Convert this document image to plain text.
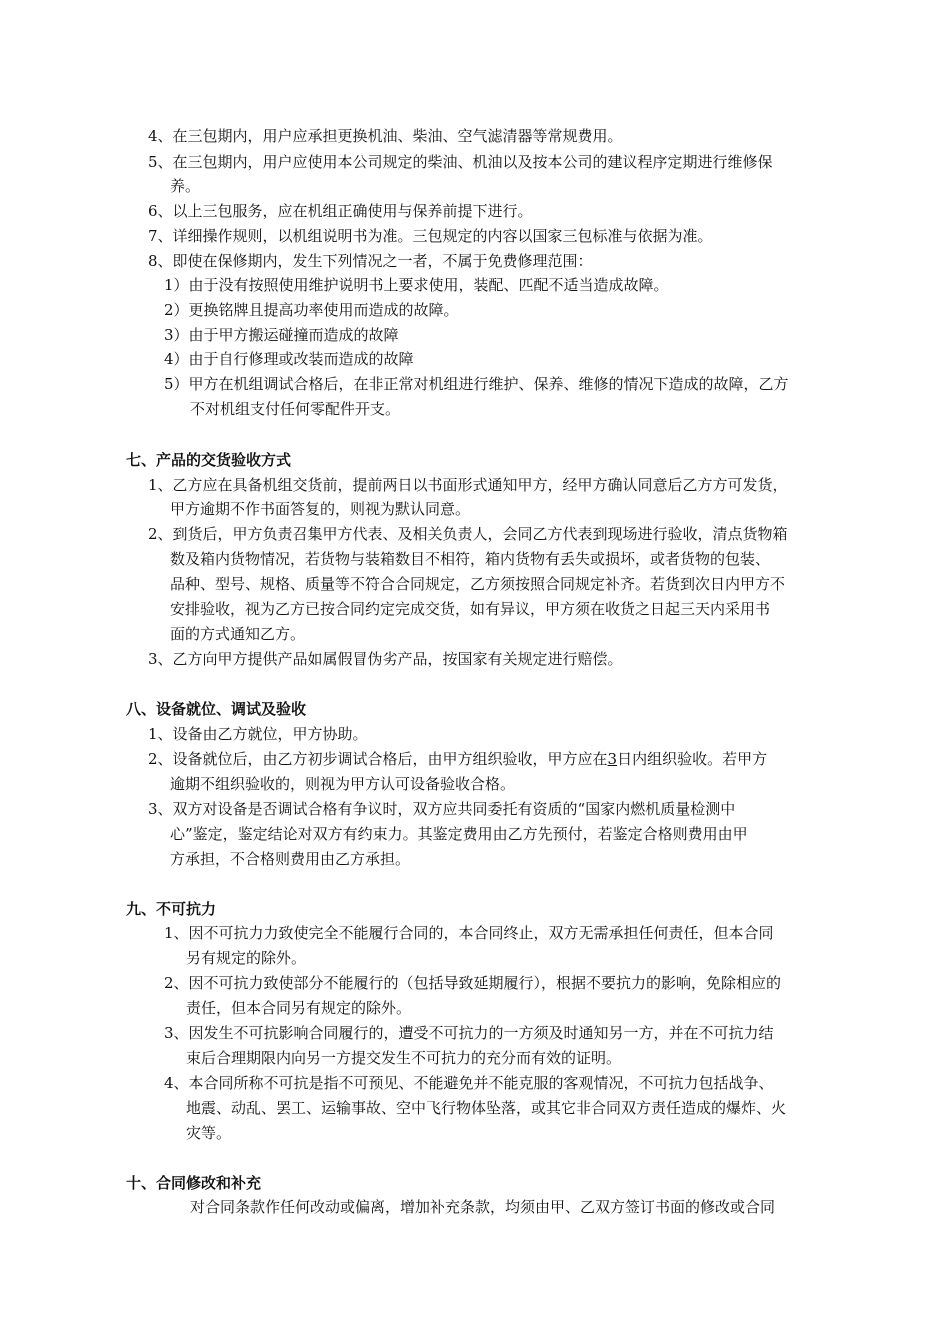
4、在三包期内，用户应承担更换机油、柴油、空气滤清器等常规费用。
5、在三包期内，用户应使用本公司规定的柴油、机油以及按本公司的建议程序定期进行维修保
养。
6、以上三包服务，应在机组正确使用与保养前提下进行。
7、详细操作规则，以机组说明书为准。三包规定的内容以国家三包标准与依据为准。
8、即使在保修期内，发生下列情况之一者，不属于免费修理范围：
1）由于没有按照使用维护说明书上要求使用，装配、匹配不适当造成故障。
2）更换铭牌且提高功率使用而造成的故障。
3）由于甲方搬运碰撞而造成的故障
4）由于自行修理或改装而造成的故障
5）甲方在机组调试合格后，在非正常对机组进行维护、保养、维修的情况下造成的故障，乙方
不对机组支付任何零配件开支。
七、产品的交货验收方式
1、乙方应在具备机组交货前，提前两日以书面形式通知甲方，经甲方确认同意后乙方方可发货，
甲方逾期不作书面答复的，则视为默认同意。
2、到货后，甲方负责召集甲方代表、及相关负责人，会同乙方代表到现场进行验收，清点货物箱
数及箱内货物情况，若货物与装箱数目不相符，箱内货物有丢失或损坏，或者货物的包装、
品种、型号、规格、质量等不符合合同规定，乙方须按照合同规定补齐。若货到次日内甲方不
安排验收，视为乙方已按合同约定完成交货，如有异议，甲方须在收货之日起三天内采用书
面的方式通知乙方。
3、乙方向甲方提供产品如属假冒伪劣产品，按国家有关规定进行赔偿。
八、设备就位、调试及验收
1、设备由乙方就位，甲方协助。
2、设备就位后，由乙方初步调试合格后，由甲方组织验收，甲方应在3日内组织验收。若甲方
逾期不组织验收的，则视为甲方认可设备验收合格。
3、双方对设备是否调试合格有争议时，双方应共同委托有资质的“国家内燃机质量检测中
心”鉴定，鉴定结论对双方有约束力。其鉴定费用由乙方先预付，若鉴定合格则费用由甲
方承担，不合格则费用由乙方承担。
九、不可抗力
1、因不可抗力力致使完全不能履行合同的，本合同终止，双方无需承担任何责任，但本合同
另有规定的除外。
2、因不可抗力致使部分不能履行的（包括导致延期履行），根据不要抗力的影响，免除相应的
责任，但本合同另有规定的除外。
3、因发生不可抗影响合同履行的，遭受不可抗力的一方须及时通知另一方，并在不可抗力结
束后合理期限内向另一方提交发生不可抗力的充分而有效的证明。
4、本合同所称不可抗是指不可预见、不能避免并不能克服的客观情况，不可抗力包括战争、
地震、动乱、罢工、运输事故、空中飞行物体坠落，或其它非合同双方责任造成的爆炸、火
灾等。
十、合同修改和补充
对合同条款作任何改动或偏离，增加补充条款，均须由甲、乙双方签订书面的修改或合同
